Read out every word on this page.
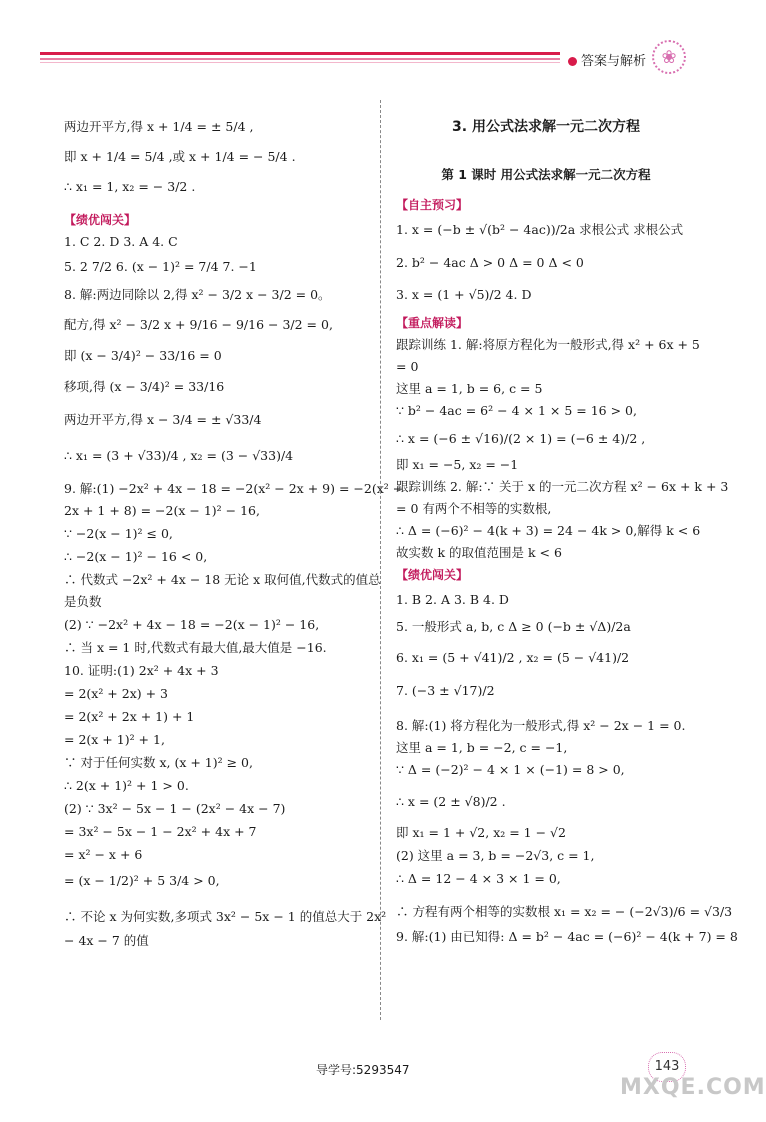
答案与解析 ❀
两边开平方,得 x + 1/4 = ± 5/4 ,
即 x + 1/4 = 5/4 ,或 x + 1/4 = − 5/4 .
∴ x₁ = 1, x₂ = − 3/2 .
【绩优闯关】
1. C 2. D 3. A 4. C
5. 2 7/2 6. (x − 1)² = 7/4 7. −1
8. 解:两边同除以 2,得 x² − 3/2 x − 3/2 = 0。
配方,得 x² − 3/2 x + 9/16 − 9/16 − 3/2 = 0,
即 (x − 3/4)² − 33/16 = 0
移项,得 (x − 3/4)² = 33/16
两边开平方,得 x − 3/4 = ± √33/4
∴ x₁ = (3 + √33)/4 , x₂ = (3 − √33)/4
9. 解:(1) −2x² + 4x − 18 = −2(x² − 2x + 9) = −2(x² −
2x + 1 + 8) = −2(x − 1)² − 16,
∵ −2(x − 1)² ≤ 0,
∴ −2(x − 1)² − 16 < 0,
∴ 代数式 −2x² + 4x − 18 无论 x 取何值,代数式的值总
是负数
(2) ∵ −2x² + 4x − 18 = −2(x − 1)² − 16,
∴ 当 x = 1 时,代数式有最大值,最大值是 −16.
10. 证明:(1) 2x² + 4x + 3
= 2(x² + 2x) + 3
= 2(x² + 2x + 1) + 1
= 2(x + 1)² + 1,
∵ 对于任何实数 x, (x + 1)² ≥ 0,
∴ 2(x + 1)² + 1 > 0.
(2) ∵ 3x² − 5x − 1 − (2x² − 4x − 7)
= 3x² − 5x − 1 − 2x² + 4x + 7
= x² − x + 6
= (x − 1/2)² + 5 3/4 > 0,
∴ 不论 x 为何实数,多项式 3x² − 5x − 1 的值总大于 2x²
− 4x − 7 的值
3. 用公式法求解一元二次方程
第 1 课时 用公式法求解一元二次方程
【自主预习】
1. x = (−b ± √(b² − 4ac))/2a 求根公式 求根公式
2. b² − 4ac Δ > 0 Δ = 0 Δ < 0
3. x = (1 + √5)/2 4. D
【重点解读】
跟踪训练 1. 解:将原方程化为一般形式,得 x² + 6x + 5
= 0
这里 a = 1, b = 6, c = 5
∵ b² − 4ac = 6² − 4 × 1 × 5 = 16 > 0,
∴ x = (−6 ± √16)/(2 × 1) = (−6 ± 4)/2 ,
即 x₁ = −5, x₂ = −1
跟踪训练 2. 解:∵ 关于 x 的一元二次方程 x² − 6x + k + 3
= 0 有两个不相等的实数根,
∴ Δ = (−6)² − 4(k + 3) = 24 − 4k > 0,解得 k < 6
故实数 k 的取值范围是 k < 6
【绩优闯关】
1. B 2. A 3. B 4. D
5. 一般形式 a, b, c Δ ≥ 0 (−b ± √Δ)/2a
6. x₁ = (5 + √41)/2 , x₂ = (5 − √41)/2
7. (−3 ± √17)/2
8. 解:(1) 将方程化为一般形式,得 x² − 2x − 1 = 0.
这里 a = 1, b = −2, c = −1,
∵ Δ = (−2)² − 4 × 1 × (−1) = 8 > 0,
∴ x = (2 ± √8)/2 .
即 x₁ = 1 + √2, x₂ = 1 − √2
(2) 这里 a = 3, b = −2√3, c = 1,
∴ Δ = 12 − 4 × 3 × 1 = 0,
∴ 方程有两个相等的实数根 x₁ = x₂ = − (−2√3)/6 = √3/3
9. 解:(1) 由已知得: Δ = b² − 4ac = (−6)² − 4(k + 7) = 8
导学号:5293547	143
MXQE.COM
